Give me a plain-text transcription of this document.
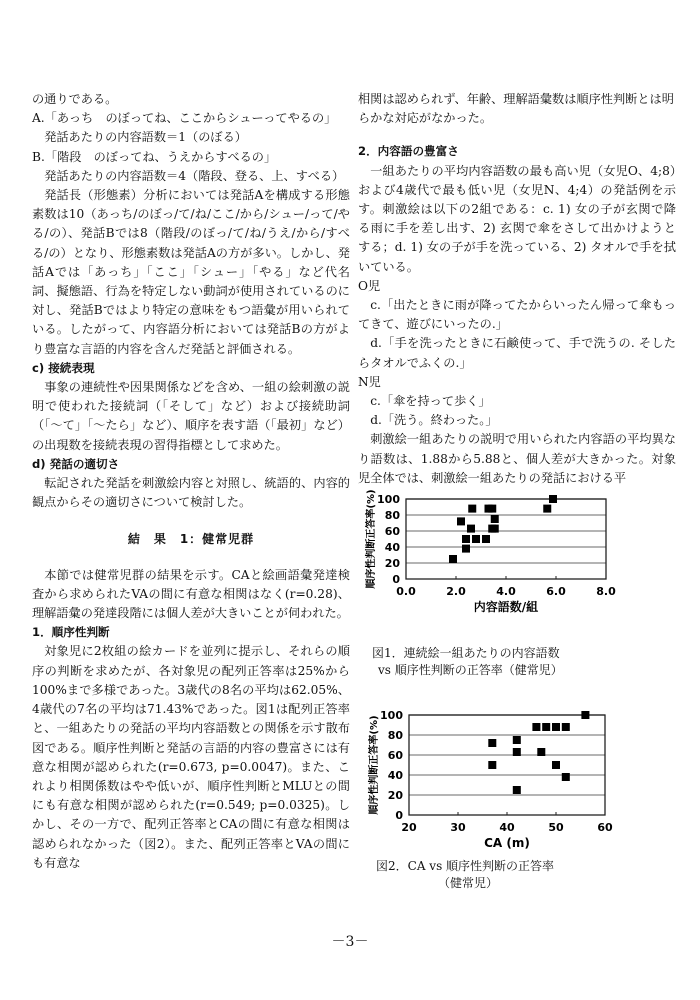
の通りである。

A.「あっち　のぼってね、ここからシューってやるの」

発話あたりの内容語数＝1（のぼる）

B.「階段　のぼってね、うえからすべるの」

発話あたりの内容語数＝4（階段、登る、上、すべる）

発話長（形態素）分析においては発話Aを構成する形態素数は10（あっち/のぼっ/て/ね/ここ/から/シュー/って/やる/の）、発話Bでは8（階段/のぼっ/て/ね/うえ/から/すべる/の）となり、形態素数は発話Aの方が多い。しかし、発話Aでは「あっち」「ここ」「シュー」「やる」など代名詞、擬態語、行為を特定しない動詞が使用されているのに対し、発話Bではより特定の意味をもつ語彙が用いられている。したがって、内容語分析においては発話Bの方がより豊富な言語的内容を含んだ発話と評価される。

c) 接続表現

事象の連続性や因果関係などを含め、一組の絵刺激の説明で使われた接続詞（「そして」など）および接続助詞（「〜て」「〜たら」など）、順序を表す語（「最初」など）の出現数を接続表現の習得指標として求めた。

d) 発話の適切さ

転記された発話を刺激絵内容と対照し、統語的、内容的観点からその適切さについて検討した。

結　果　1：健常児群

本節では健常児群の結果を示す。CAと絵画語彙発達検査から求められたVAの間に有意な相関はなく(r=0.28)、理解語彙の発達段階には個人差が大きいことが伺われた。

1．順序性判断

対象児に2枚組の絵カードを並列に提示し、それらの順序の判断を求めたが、各対象児の配列正答率は25%から100%まで多様であった。3歳代の8名の平均は62.05%、4歳代の7名の平均は71.43%であった。図1は配列正答率と、一組あたりの発話の平均内容語数との関係を示す散布図である。順序性判断と発話の言語的内容の豊富さには有意な相関が認められた(r=0.673, p=0.0047)。また、これより相関係数はやや低いが、順序性判断とMLUとの間にも有意な相関が認められた(r=0.549; p=0.0325)。しかし、その一方で、配列正答率とCAの間に有意な相関は認められなかった（図2）。また、配列正答率とVAの間にも有意な

相関は認められず、年齢、理解語彙数は順序性判断とは明らかな対応がなかった。

2．内容語の豊富さ

一組あたりの平均内容語数の最も高い児（女児O、4;8）および4歳代で最も低い児（女児N、4;4）の発話例を示す。刺激絵は以下の2組である：c. 1) 女の子が玄関で降る雨に手を差し出す、2) 玄関で傘をさして出かけようとする；d. 1) 女の子が手を洗っている、2) タオルで手を拭いている。

O児

c.「出たときに雨が降ってたからいったん帰って傘もってきて、遊びにいったの.」

d.「手を洗ったときに石鹸使って、手で洗うの. そしたらタオルでふくの.」

N児

c.「傘を持って歩く」

d.「洗う。終わった。」

刺激絵一組あたりの説明で用いられた内容語の平均異なり語数は、1.88から5.88と、個人差が大きかった。対象児全体では、刺激絵一組あたりの発話における平

0
20
40
60
80
100
0.0	2.0	4.0	6.0	8.0
内容語数/組
順序性判断正答率(%)
図1．連続絵一組あたりの内容語数
vs 順序性判断の正答率（健常児）
0
20
40
60
80
100
20	30	40	50	60
CA (m)
順序性判断正答率(%)
図2．CA vs 順序性判断の正答率
（健常児）
－3－
